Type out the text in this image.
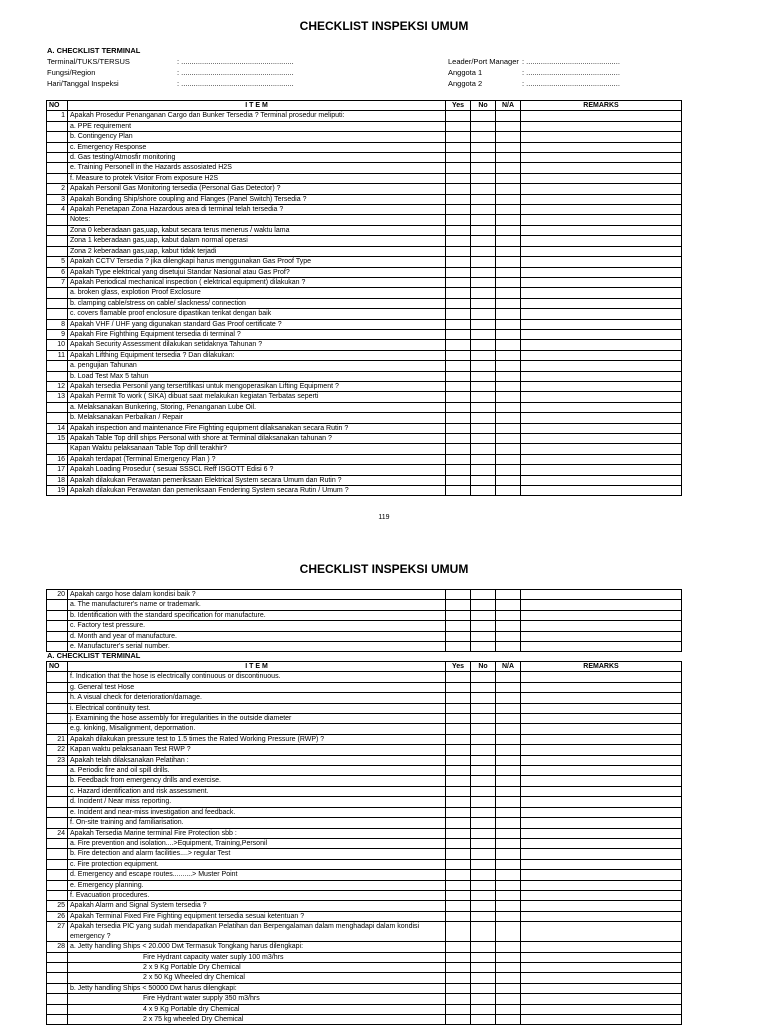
CHECKLIST INSPEKSI UMUM
A. CHECKLIST TERMINAL
Terminal/TUKS/TERSUS	: ......................................................
Fungsi/Region	: ......................................................
Hari/Tanggal Inspeksi	: ......................................................
Leader/Port Manager : .............................................
Anggota 1	: .............................................
Anggota 2	: .............................................
NO	I T E M	Yes	No	N/A	REMARKS
1	Apakah Prosedur Penanganan Cargo dan Bunker Tersedia ? Terminal prosedur meliputi:				
	a. PPE requirement				
	b. Contingency Plan				
	c. Emergency Response				
	d. Gas testing/Atmosfir monitoring				
	e. Training Personell in the Hazards assosiated H2S				
	f. Measure to protek Visitor From exposure H2S				
2	Apakah Personil Gas Monitoring tersedia (Personal Gas Detector) ?				
3	Apakah Bonding Ship/shore coupling and Flanges (Panel Switch) Tersedia ?				
4	Apakah Penetapan Zona Hazardous area di terminal telah tersedia ?				
	Notes:				
	Zona 0 keberadaan gas,uap, kabut secara terus menerus / waktu lama				
	Zona 1 keberadaan gas,uap, kabut dalam normal operasi				
	Zona 2 keberadaan gas,uap, kabut tidak terjadi				
5	Apakah CCTV Tersedia ? jika dilengkapi harus menggunakan Gas Proof Type				
6	Apakah Type elektrical yang disetujui Standar Nasional atau Gas Prof?				
7	Apakah Periodical mechanical inspection ( elektrical equipment) dilakukan ?				
	a. broken glass, explotion Proof Exclosure				
	b. clamping cable/stress on cable/ slackness/ connection				
	c. covers flamable proof enclosure dipastikan terikat dengan baik				
8	Apakah VHF / UHF yang digunakan standard Gas Proof certificate ?				
9	Apakah Fire Fighthing Equipment tersedia di terminal ?				
10	Apakah Security Assessment dilakukan setidaknya Tahunan ?				
11	Apakah Lifthing Equipment tersedia ? Dan dilakukan:				
	a. pengujian Tahunan				
	b. Load Test Max 5 tahun				
12	Apakah tersedia Personil yang tersertifikasi untuk mengoperasikan Lifting Equipment ?				
13	Apakah Permit To work ( SIKA) dibuat saat melakukan kegiatan Terbatas seperti				
	a. Melaksanakan Bunkering, Storing, Penanganan Lube Oil.				
	b. Melaksanakan Perbaikan / Repair				
14	Apakah inspection and maintenance Fire Fighting equipment dilaksanakan secara Rutin ?				
15	Apakah Table Top drill ships Personal with shore at Terminal dilaksanakan tahunan ?				
	Kapan Waktu pelaksanaan Table Top drill terakhir?				
16	Apakah terdapat (Terminal Emergency Plan ) ?				
17	Apakah Loading Prosedur ( sesuai SSSCL Reff ISGOTT Edisi 6 ?				
18	Apakah dilakukan Perawatan pemeriksaan Elektrical System secara Umum dan Rutin ?				
19	Apakah dilakukan Perawatan dan pemeriksaan Fendering System secara Rutin / Umum ?				
119
CHECKLIST INSPEKSI UMUM
20	Apakah cargo hose dalam kondisi baik ?				
	a. The manufacturer's name or trademark.				
	b. Identification with the standard specification for manufacture.				
	c. Factory test pressure.				
	d. Month and year of manufacture.				
	e. Manufacturer's serial number.				
A. CHECKLIST TERMINAL
NO	I T E M	Yes	No	N/A	REMARKS
	f. Indication that the hose is electrically continuous or discontinuous.				
	g. General test Hose				
	h. A visual check for deterioration/damage.				
	i. Electrical continuity test.				
	j. Examining the hose assembly for irregularities in the outside diameter				
	e.g. kinking, Misalignment, depormation.				
21	Apakah dilakukan pressure test to 1.5 times the Rated Working Pressure (RWP) ?				
22	Kapan waktu pelaksanaan Test RWP ?				
23	Apakah telah dilaksanakan Pelatihan :				
	a. Periodic fire and oil spill drills.				
	b. Feedback from emergency drills and exercise.				
	c. Hazard identification and risk assessment.				
	d. Incident / Near miss reporting.				
	e. Incident and near-miss investigation and feedback.				
	f. On-site training and familiarisation.				
24	Apakah Tersedia Marine terminal Fire Protection sbb :				
	a. Fire prevention and isolation....>Equipment, Training,Personil				
	b. Fire detection and alarm facilities....> regular Test				
	c. Fire protection equipment.				
	d. Emergency and escape routes..........> Muster Point				
	e. Emergency planning.				
	f. Evacuation procedures.				
25	Apakah Alarm and Signal System tersedia ?				
26	Apakah Terminal Fixed Fire Fighting equipment tersedia sesuai ketentuan ?				
27	Apakah tersedia PIC yang sudah mendapatkan Pelatihan dan Berpengalaman dalam menghadapi dalam kondisi emergency ?				
28	a. Jetty handling Ships < 20.000 Dwt Termasuk Tongkang harus dilengkapi:				
	Fire Hydrant capacity water suply 100 m3/hrs				
	2 x 9 Kg Portable Dry Chemical				
	2 x 50 Kg Wheeled dry Chemical				
	b. Jetty handling Ships < 50000 Dwt harus dilengkapi:				
	Fire Hydrant water supply 350 m3/hrs				
	4 x 9 Kg Portable dry Chemical				
	2 x 75 kg wheeled Dry Chemical				
